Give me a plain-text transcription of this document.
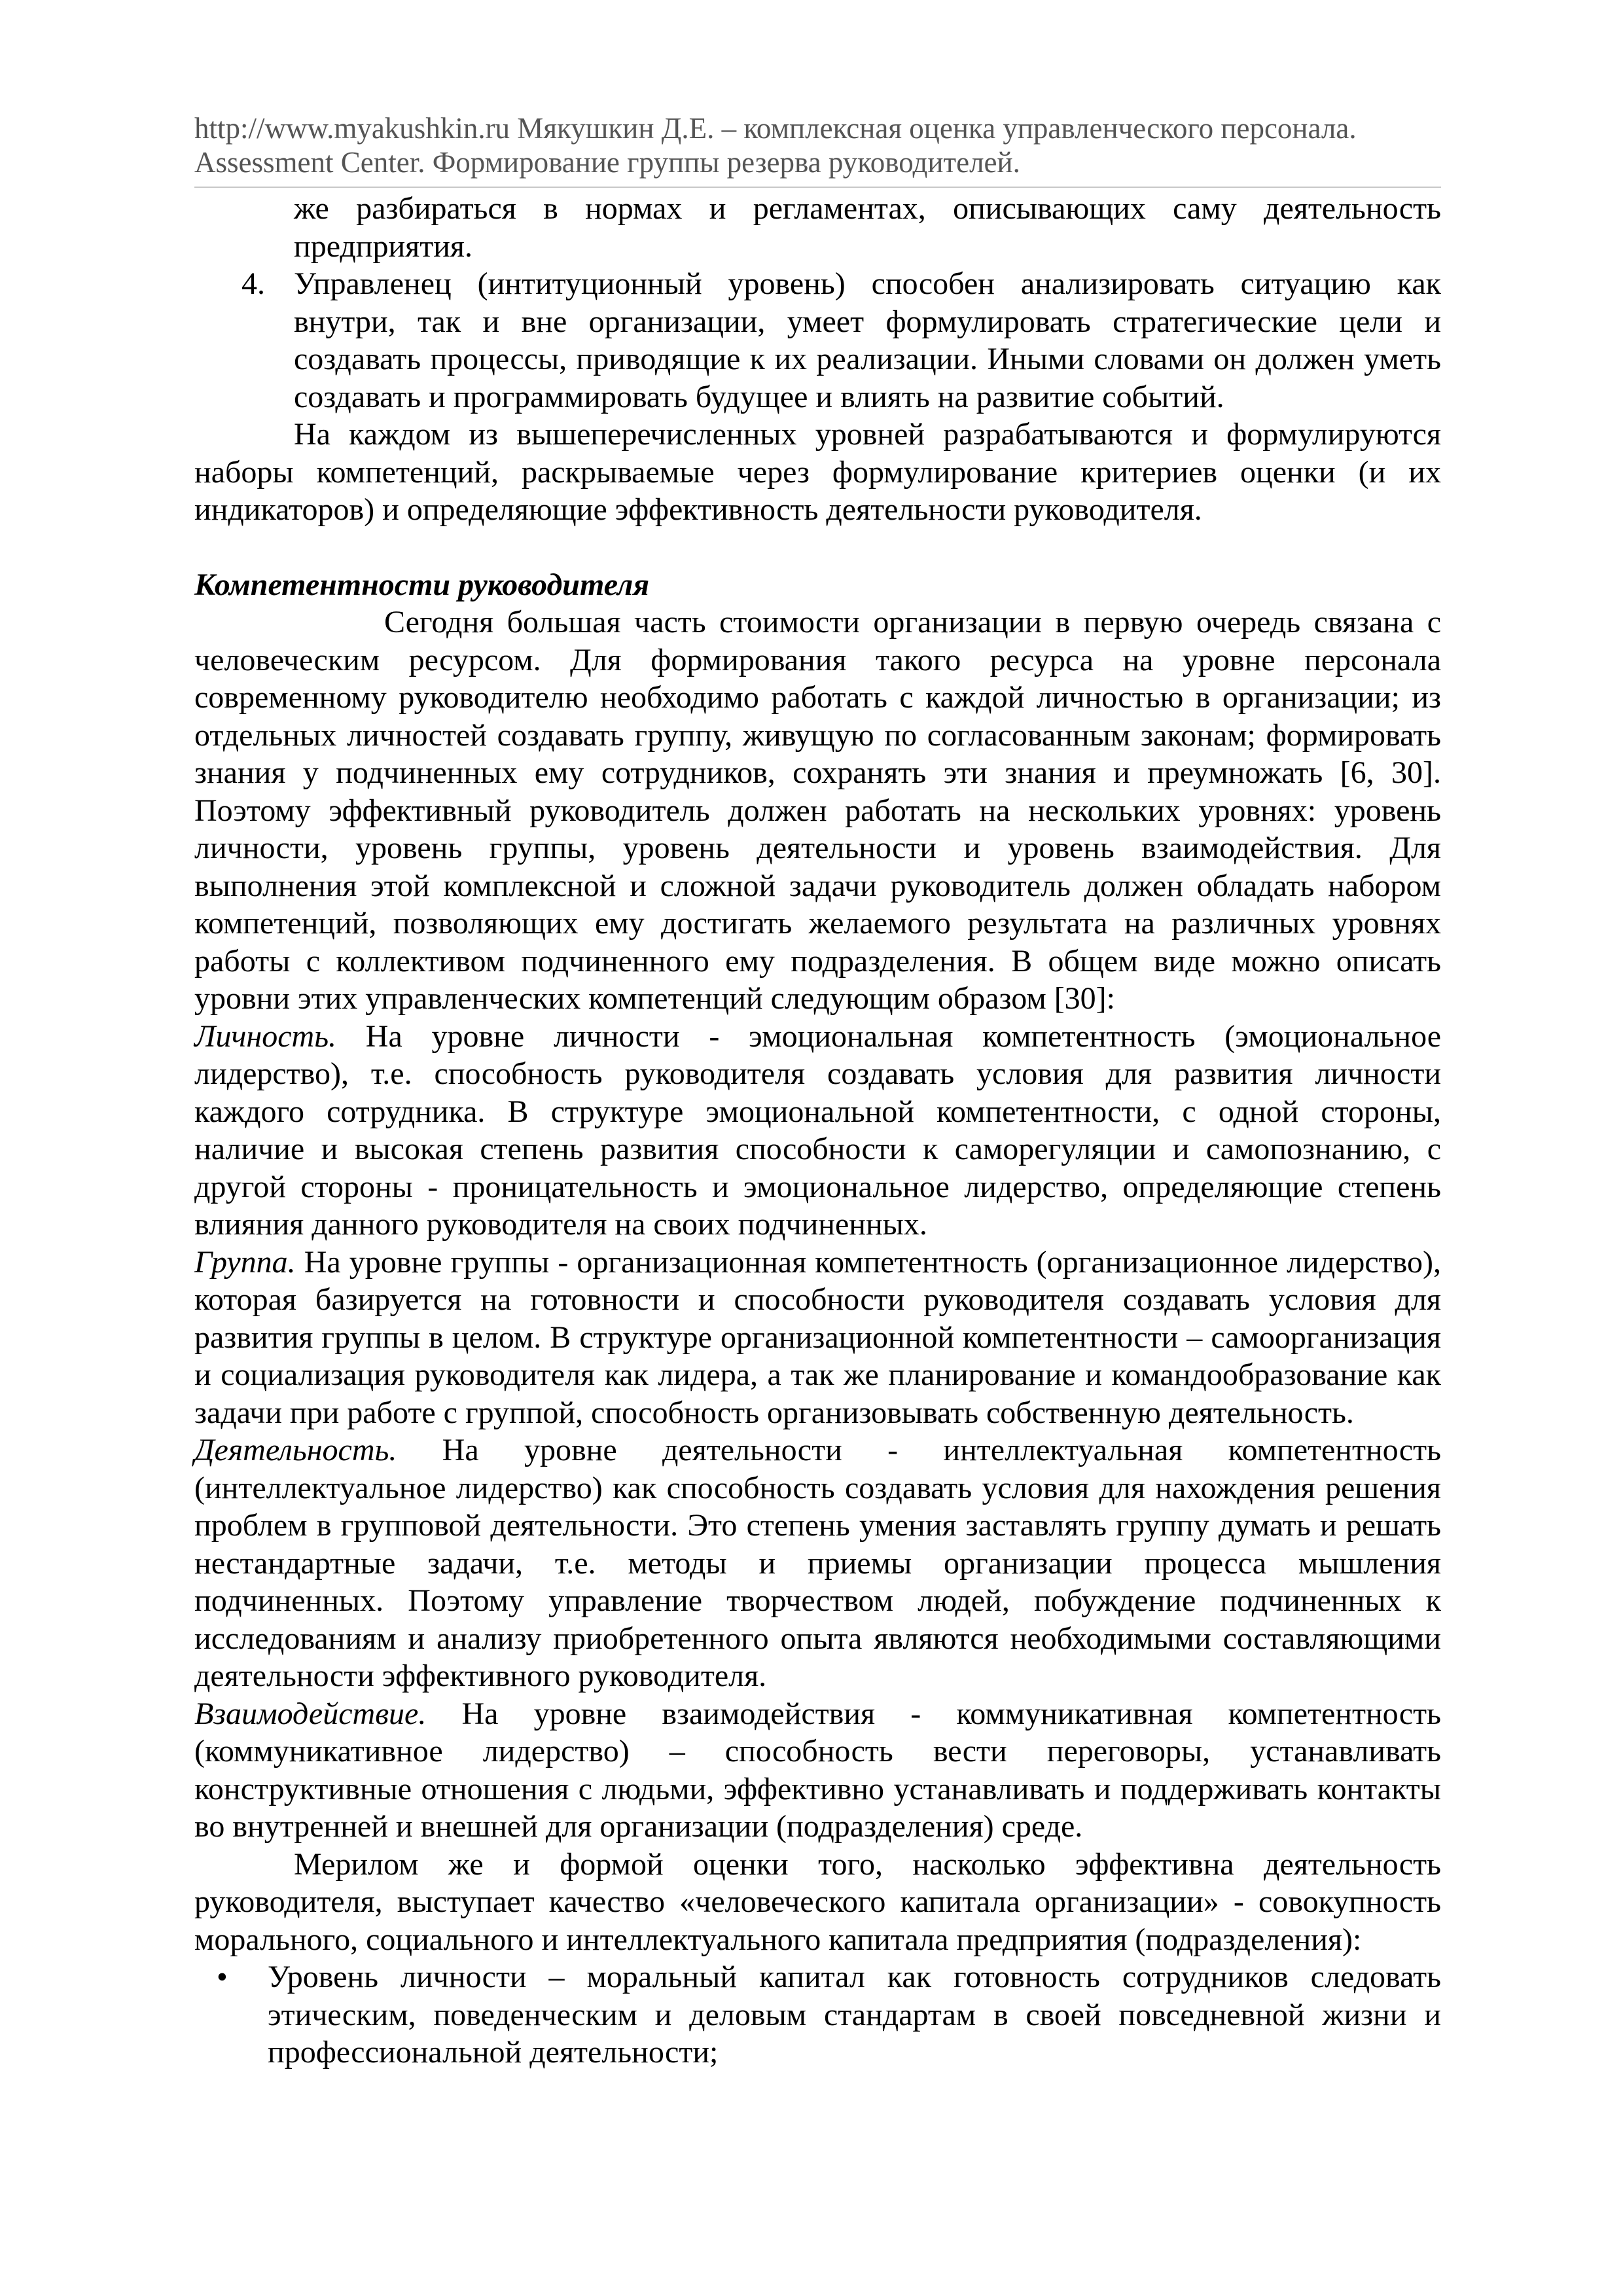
http://www.myakushkin.ru Мякушкин Д.Е. – комплексная оценка управленческого персонала.
Assessment Center. Формирование группы резерва руководителей.

же разбираться в нормах и регламентах, описывающих саму деятельность предприятия.

4. Управленец (интитуционный уровень) способен анализировать ситуацию как внутри, так и вне организации, умеет формулировать стратегические цели и создавать процессы, приводящие к их реализации. Иными словами он должен уметь создавать и программировать будущее и влиять на развитие событий.

На каждом из вышеперечисленных уровней разрабатываются и формулируются наборы компетенций, раскрываемые через формулирование критериев оценки (и их индикаторов) и определяющие эффективность деятельности руководителя.

Компетентности руководителя

Сегодня большая часть стоимости организации в первую очередь связана с человеческим ресурсом. Для формирования такого ресурса на уровне персонала современному руководителю необходимо работать с каждой личностью в организации; из отдельных личностей создавать группу, живущую по согласованным законам; формировать знания у подчиненных ему сотрудников, сохранять эти знания и преумножать [6, 30]. Поэтому эффективный руководитель должен работать на нескольких уровнях: уровень личности, уровень группы, уровень деятельности и уровень взаимодействия. Для выполнения этой комплексной и сложной задачи руководитель должен обладать набором компетенций, позволяющих ему достигать желаемого результата на различных уровнях работы с коллективом подчиненного ему подразделения. В общем виде можно описать уровни этих управленческих компетенций следующим образом [30]:

Личность. На уровне личности - эмоциональная компетентность (эмоциональное лидерство), т.е. способность руководителя создавать условия для развития личности каждого сотрудника. В структуре эмоциональной компетентности, с одной стороны, наличие и высокая степень развития способности к саморегуляции и самопознанию, с другой стороны - проницательность и эмоциональное лидерство, определяющие степень влияния данного руководителя на своих подчиненных.

Группа. На уровне группы - организационная компетентность (организационное лидерство), которая базируется на готовности и способности руководителя создавать условия для развития группы в целом. В структуре организационной компетентности – самоорганизация и социализация руководителя как лидера, а так же планирование и командообразование как задачи при работе с группой, способность организовывать собственную деятельность.

Деятельность. На уровне деятельности - интеллектуальная компетентность (интеллектуальное лидерство) как способность создавать условия для нахождения решения проблем в групповой деятельности. Это степень умения заставлять группу думать и решать нестандартные задачи, т.е. методы и приемы организации процесса мышления подчиненных. Поэтому управление творчеством людей, побуждение подчиненных к исследованиям и анализу приобретенного опыта являются необходимыми составляющими деятельности эффективного руководителя.

Взаимодействие. На уровне взаимодействия - коммуникативная компетентность (коммуникативное лидерство) – способность вести переговоры, устанавливать конструктивные отношения с людьми, эффективно устанавливать и поддерживать контакты во внутренней и внешней для организации (подразделения) среде.

Мерилом же и формой оценки того, насколько эффективна деятельность руководителя, выступает качество «человеческого капитала организации» - совокупность морального, социального и интеллектуального капитала предприятия (подразделения):

• Уровень личности – моральный капитал как готовность сотрудников следовать этическим, поведенческим и деловым стандартам в своей повседневной жизни и профессиональной деятельности;
